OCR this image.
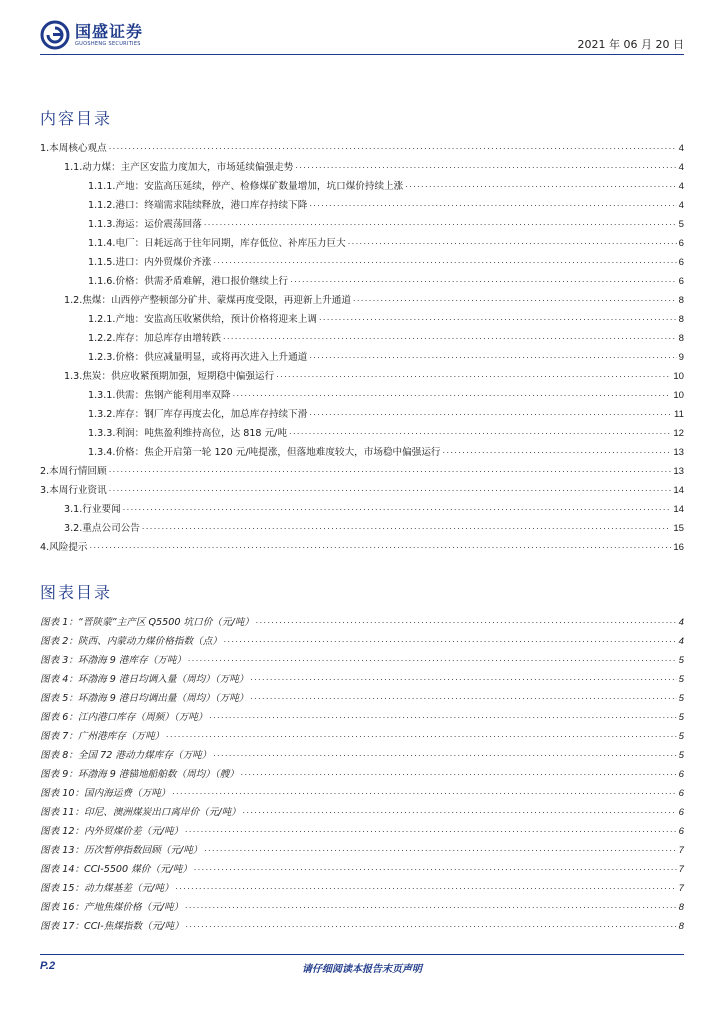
国盛证券
GUOSHENG SECURITIES	2021 年 06 月 20 日
内容目录
1.本周核心观点 .....	4
1.1.动力煤：主产区安监力度加大，市场延续偏强走势 .....	4
1.1.1.产地：安监高压延续，停产、检修煤矿数量增加，坑口煤价持续上涨 .....	4
1.1.2.港口：终端需求陆续释放，港口库存持续下降 .....	4
1.1.3.海运：运价震荡回落 .....	5
1.1.4.电厂：日耗远高于往年同期，库存低位、补库压力巨大 .....	6
1.1.5.进口：内外贸煤价齐涨 .....	6
1.1.6.价格：供需矛盾难解，港口报价继续上行 .....	6
1.2.焦煤：山西停产整顿部分矿井、蒙煤再度受限，再迎新上升通道 .....	8
1.2.1.产地：安监高压收紧供给，预计价格将迎来上调 .....	8
1.2.2.库存：加总库存由增转跌 .....	8
1.2.3.价格：供应减量明显，或将再次进入上升通道 .....	9
1.3.焦炭：供应收紧预期加强，短期稳中偏强运行 .....	10
1.3.1.供需：焦钢产能利用率双降 .....	10
1.3.2.库存：钢厂库存再度去化，加总库存持续下滑 .....	11
1.3.3.利润：吨焦盈利维持高位，达 818 元/吨 .....	12
1.3.4.价格：焦企开启第一轮 120 元/吨提涨，但落地难度较大，市场稳中偏强运行 .....	13
2.本周行情回顾 .....	13
3.本周行业资讯 .....	14
3.1.行业要闻 .....	14
3.2.重点公司公告 .....	15
4.风险提示 .....	16
图表目录
图表 1：“晋陕蒙”主产区 Q5500 坑口价（元/吨） .....	4
图表 2：陕西、内蒙动力煤价格指数（点） .....	4
图表 3：环渤海 9 港库存（万吨） .....	5
图表 4：环渤海 9 港日均调入量（周均）（万吨） .....	5
图表 5：环渤海 9 港日均调出量（周均）（万吨） .....	5
图表 6：江内港口库存（周频）（万吨） .....	5
图表 7：广州港库存（万吨） .....	5
图表 8：全国 72 港动力煤库存（万吨） .....	5
图表 9：环渤海 9 港锚地船舶数（周均）（艘） .....	6
图表 10：国内海运费（万吨） .....	6
图表 11：印尼、澳洲煤炭出口离岸价（元/吨） .....	6
图表 12：内外贸煤价差（元/吨） .....	6
图表 13：历次暂停指数回顾（元/吨） .....	7
图表 14：CCI-5500 煤价（元/吨） .....	7
图表 15：动力煤基差（元/吨） .....	7
图表 16：产地焦煤价格（元/吨） .....	8
图表 17：CCI-焦煤指数（元/吨） .....	8
P.2	请仔细阅读本报告末页声明
